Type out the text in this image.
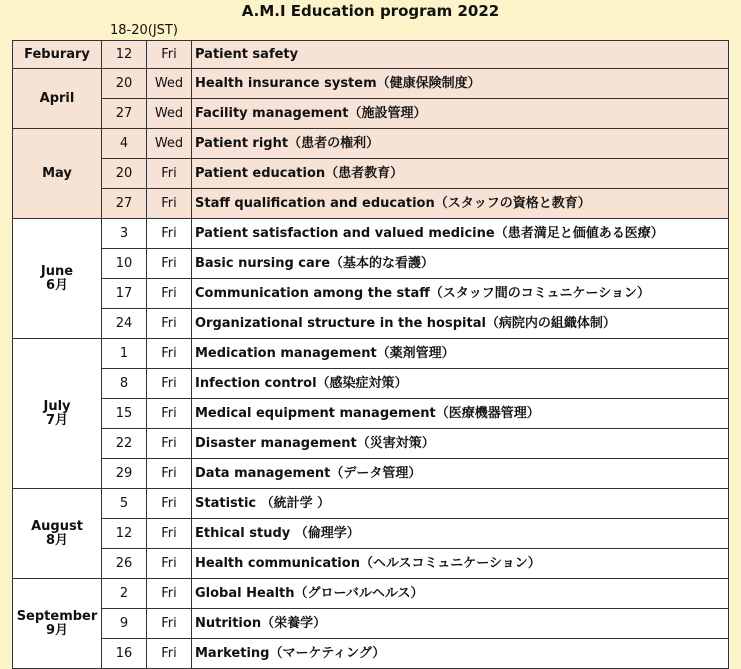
A.M.I Education program 2022
18-20(JST)
Feburary	12	Fri	Patient safety

April	20	Wed	Health insurance system（健康保険制度）
	27	Wed	Facility management（施設管理）

May	4	Wed	Patient right（患者の権利）
	20	Fri	Patient education（患者教育）
	27	Fri	Staff qualification and education（スタッフの資格と教育）

June
6月	3	Fri	Patient satisfaction and valued medicine（患者満足と価値ある医療）
	10	Fri	Basic nursing care（基本的な看護）
	17	Fri	Communication among the staff（スタッフ間のコミュニケーション）
	24	Fri	Organizational structure in the hospital（病院内の組織体制）

July
7月	1	Fri	Medication management（薬剤管理）
	8	Fri	Infection control（感染症対策）
	15	Fri	Medical equipment management（医療機器管理）
	22	Fri	Disaster management（災害対策）
	29	Fri	Data management（データ管理）

August
8月	5	Fri	Statistic （統計学 ）
	12	Fri	Ethical study （倫理学）
	26	Fri	Health communication（ヘルスコミュニケーション）

September
9月	2	Fri	Global Health（グローバルヘルス）
	9	Fri	Nutrition（栄養学）
	16	Fri	Marketing（マーケティング）
